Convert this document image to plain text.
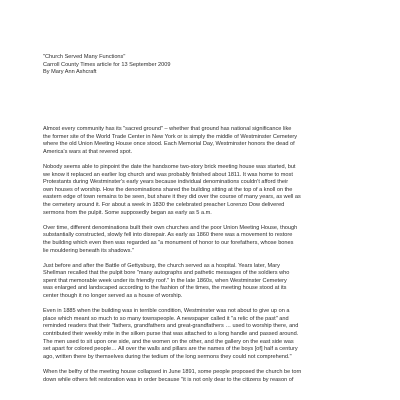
"Church Served Many Functions"
Carroll County Times article for 13 September 2009
By Mary Ann Ashcraft
Almost every community has its "sacred ground" – whether that ground has national significance like
the former site of the World Trade Center in New York or is simply the middle of Westminster Cemetery
where the old Union Meeting House once stood. Each Memorial Day, Westminster honors the dead of
America's wars at that revered spot.
Nobody seems able to pinpoint the date the handsome two-story brick meeting house was started, but
we know it replaced an earlier log church and was probably finished about 1811. It was home to most
Protestants during Westminster's early years because individual denominations couldn't afford their
own houses of worship. How the denominations shared the building sitting at the top of a knoll on the
eastern edge of town remains to be seen, but share it they did over the course of many years, as well as
the cemetery around it. For about a week in 1830 the celebrated preacher Lorenzo Dow delivered
sermons from the pulpit. Some supposedly began as early as 5 a.m.
Over time, different denominations built their own churches and the poor Union Meeting House, though
substantially constructed, slowly fell into disrepair. As early as 1860 there was a movement to restore
the building which even then was regarded as "a monument of honor to our forefathers, whose bones
lie mouldering beneath its shadows."
Just before and after the Battle of Gettysburg, the church served as a hospital. Years later, Mary
Shellman recalled that the pulpit bore "many autographs and pathetic messages of the soldiers who
spent that memorable week under its friendly roof." In the late 1860s, when Westminster Cemetery
was enlarged and landscaped according to the fashion of the times, the meeting house stood at its
center though it no longer served as a house of worship.
Even in 1885 when the building was in terrible condition, Westminster was not about to give up on a
place which meant so much to so many townspeople. A newspaper called it "a relic of the past" and
reminded readers that their "fathers, grandfathers and great-grandfathers … used to worship there, and
contributed their weekly mite in the silken purse that was attached to a long handle and passed around.
The men used to sit upon one side, and the women on the other, and the gallery on the east side was
set apart for colored people… All over the walls and pillars are the names of the boys [of] half a century
ago, written there by themselves during the tedium of the long sermons they could not comprehend."
When the belfry of the meeting house collapsed in June 1891, some people proposed the church be torn
down while others felt restoration was in order because "it is not only dear to the citizens by reason of
